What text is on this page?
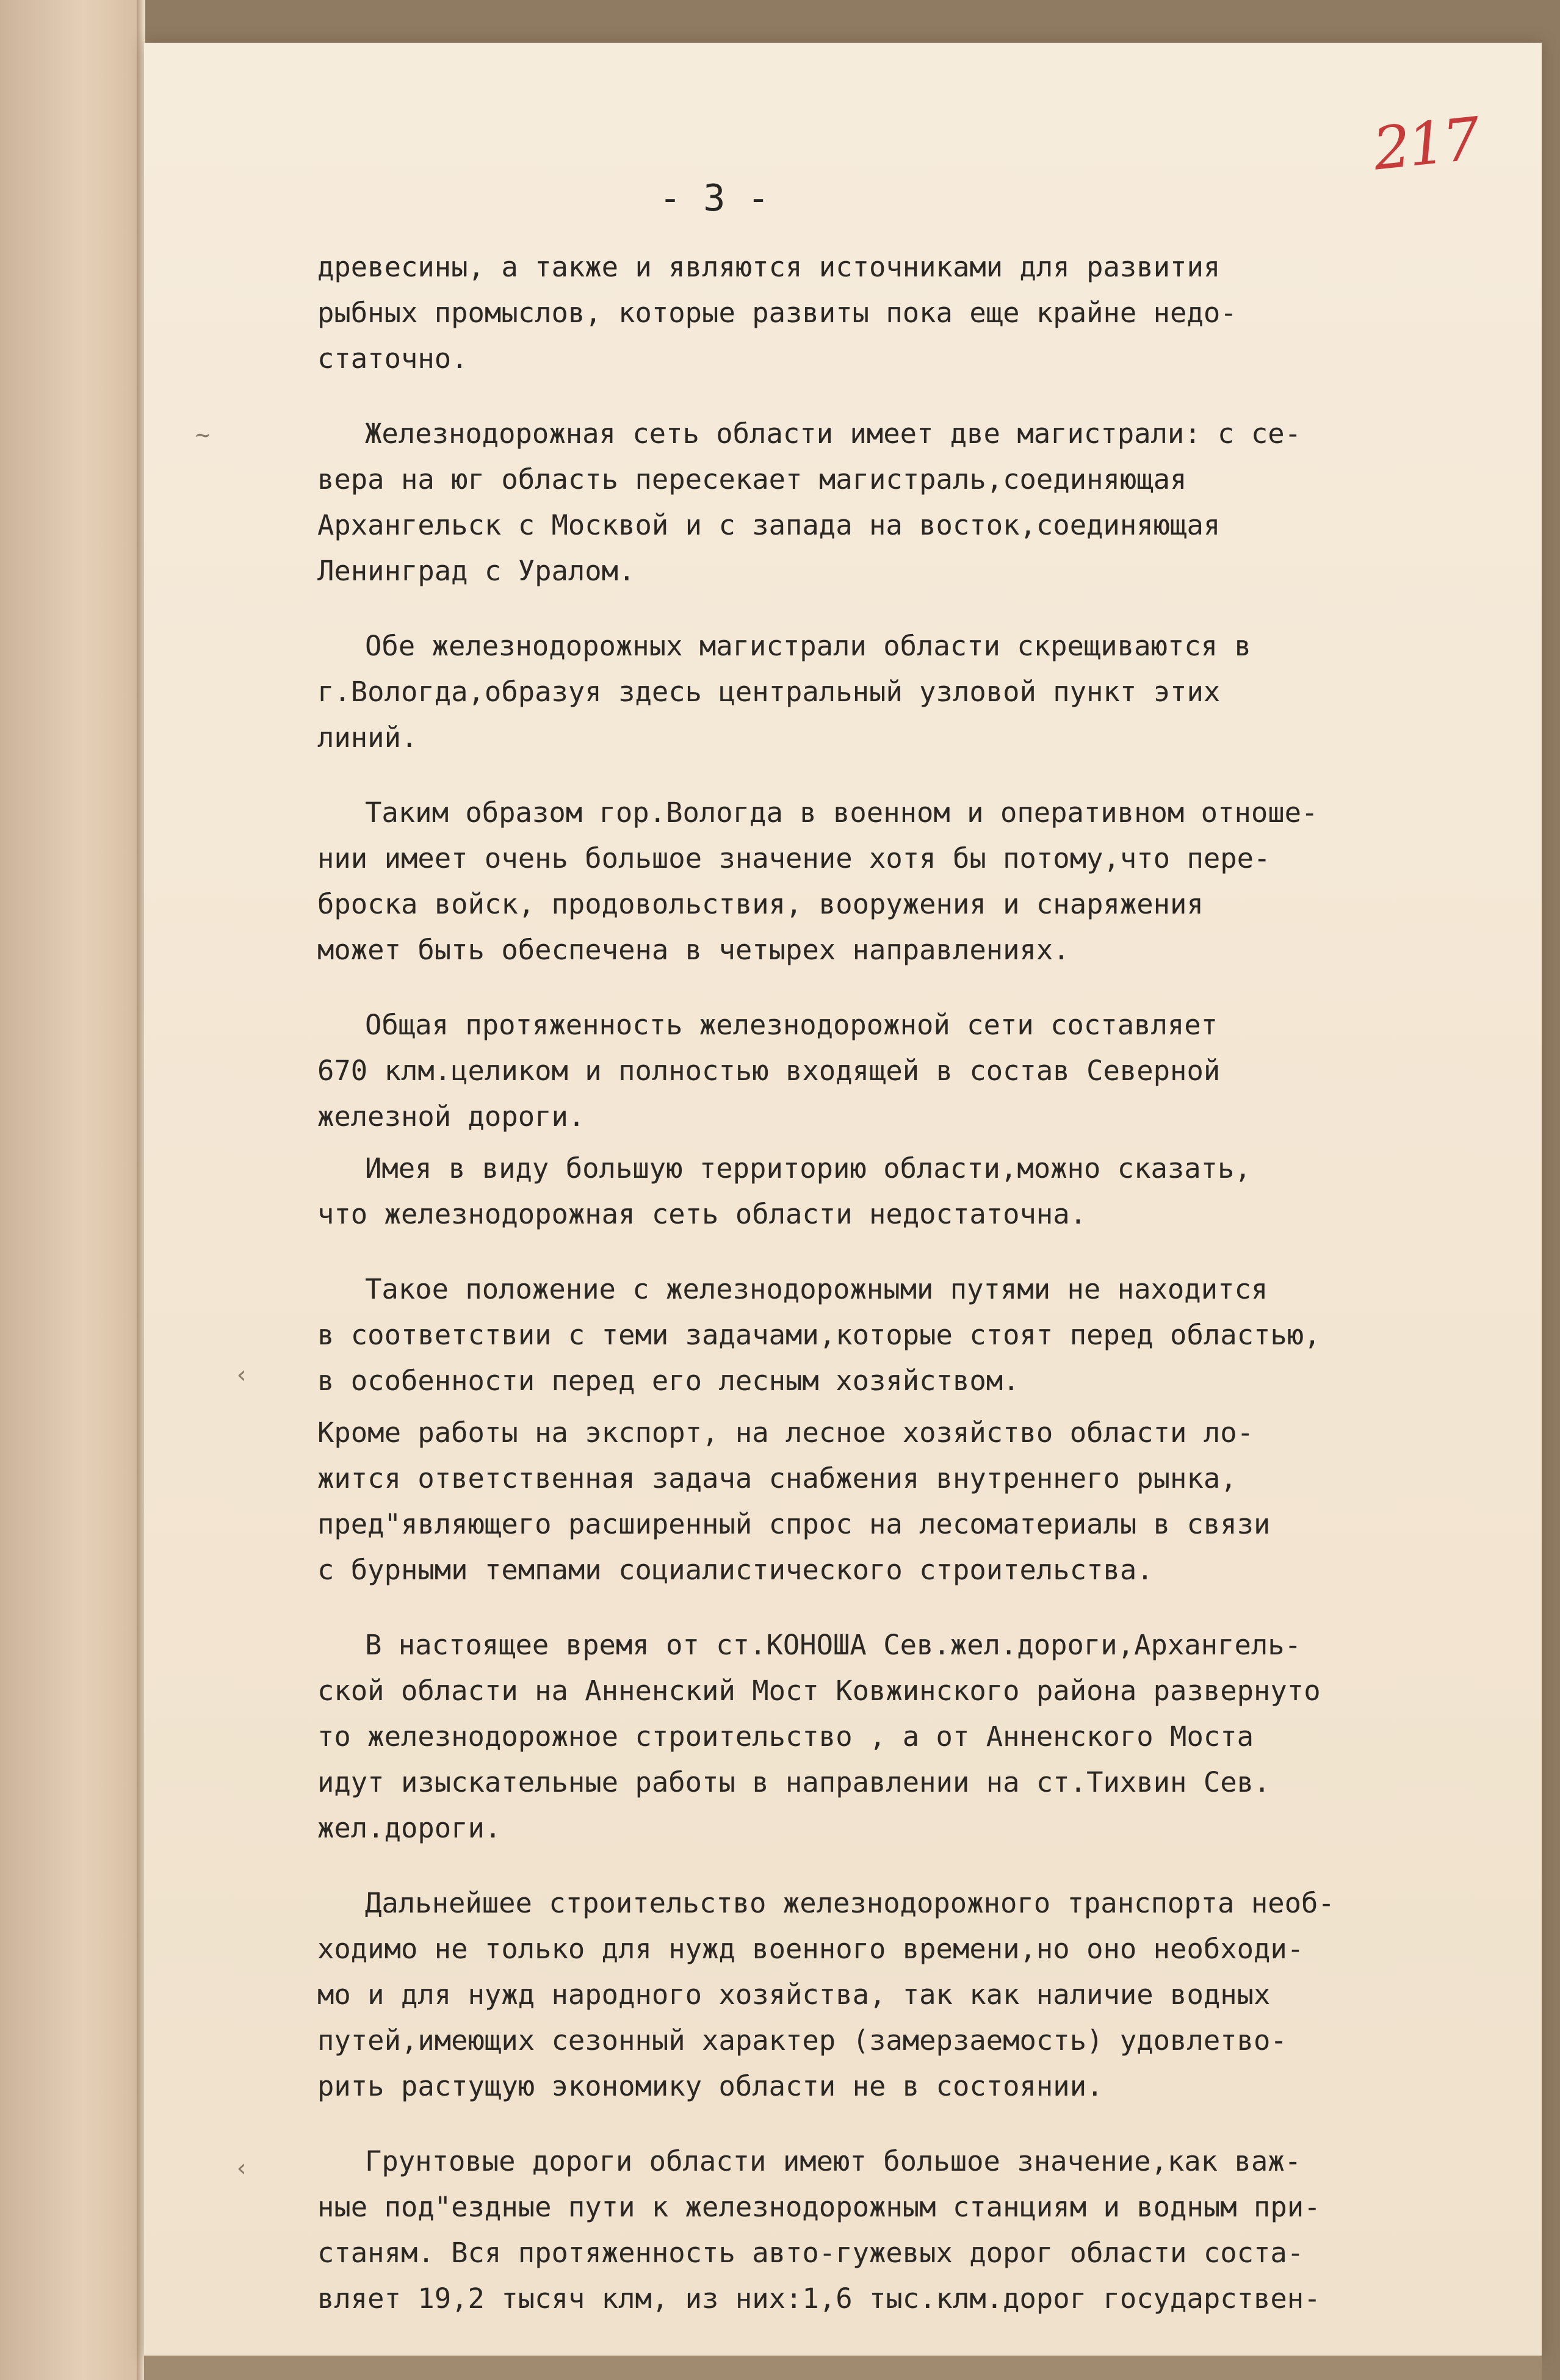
~
‹
‹
217
- 3 -
древесины, а также и являются источниками для развития
рыбных промыслов, которые развиты пока еще крайне недо-
статочно.
Железнодорожная сеть области имеет две магистрали: с се-
вера на юг область пересекает магистраль,соединяющая
Архангельск с Москвой и с запада на восток,соединяющая
Ленинград с Уралом.
Обе железнодорожных магистрали области скрещиваются в
г.Вологда,образуя здесь центральный узловой пункт этих
линий.
Таким образом гор.Вологда в военном и оперативном отноше-
нии имеет очень большое значение хотя бы потому,что пере-
броска войск, продовольствия, вооружения и снаряжения
может быть обеспечена в четырех направлениях.
Общая протяженность железнодорожной сети составляет
670 клм.целиком и полностью входящей в состав Северной
железной дороги.
Имея в виду большую территорию области,можно сказать,
что железнодорожная сеть области недостаточна.
Такое положение с железнодорожными путями не находится
в соответствии с теми задачами,которые стоят перед областью,
в особенности перед его лесным хозяйством.
Кроме работы на экспорт, на лесное хозяйство области ло-
жится ответственная задача снабжения внутреннего рынка,
пред"являющего расширенный спрос на лесоматериалы в связи
с бурными темпами социалистического строительства.
В настоящее время от ст.КОНОША Сев.жел.дороги,Архангель-
ской области на Анненский Мост Ковжинского района развернуто
то железнодорожное строительство , а от Анненского Моста
идут изыскательные работы в направлении на ст.Тихвин Сев.
жел.дороги.
Дальнейшее строительство железнодорожного транспорта необ-
ходимо не только для нужд военного времени,но оно необходи-
мо и для нужд народного хозяйства, так как наличие водных
путей,имеющих сезонный характер (замерзаемость) удовлетво-
рить растущую экономику области не в состоянии.
Грунтовые дороги области имеют большое значение,как важ-
ные под"ездные пути к железнодорожным станциям и водным при-
станям. Вся протяженность авто-гужевых дорог области соста-
вляет 19,2 тысяч клм, из них:1,6 тыс.клм.дорог государствен-
